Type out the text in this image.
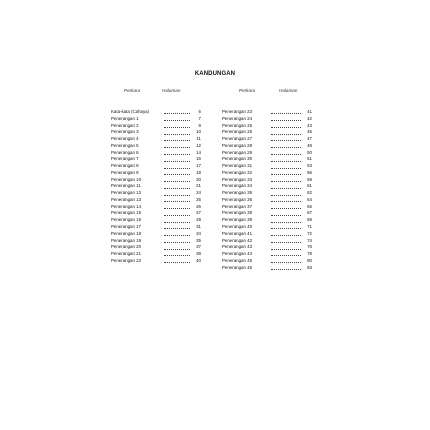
KANDUNGAN
Perkara	Halaman	Perkara	Halaman
Kata-kata (Cahaya)	6
Penerangan 1	7
Penerangan 2	9
Penerangan 3	10
Penerangan 4	11
Penerangan 5	12
Penerangan 6	14
Penerangan 7	16
Penerangan 8	17
Penerangan 9	18
Penerangan 10	20
Penerangan 11	21
Penerangan 12	24
Penerangan 13	25
Penerangan 14	26
Penerangan 15	27
Penerangan 16	29
Penerangan 17	31
Penerangan 18	34
Penerangan 19	35
Penerangan 20	37
Penerangan 21	38
Penerangan 22	40
Penerangan 23	41
Penerangan 24	42
Penerangan 25	43
Penerangan 26	45
Penerangan 27	47
Penerangan 28	49
Penerangan 29	50
Penerangan 30	51
Penerangan 31	53
Penerangan 32	56
Penerangan 33	59
Penerangan 34	61
Penerangan 35	62
Penerangan 36	64
Penerangan 37	66
Penerangan 38	67
Penerangan 39	69
Penerangan 40	71
Penerangan 41	72
Penerangan 42	74
Penerangan 43	76
Penerangan 44	78
Penerangan 45	80
Penerangan 46	83
